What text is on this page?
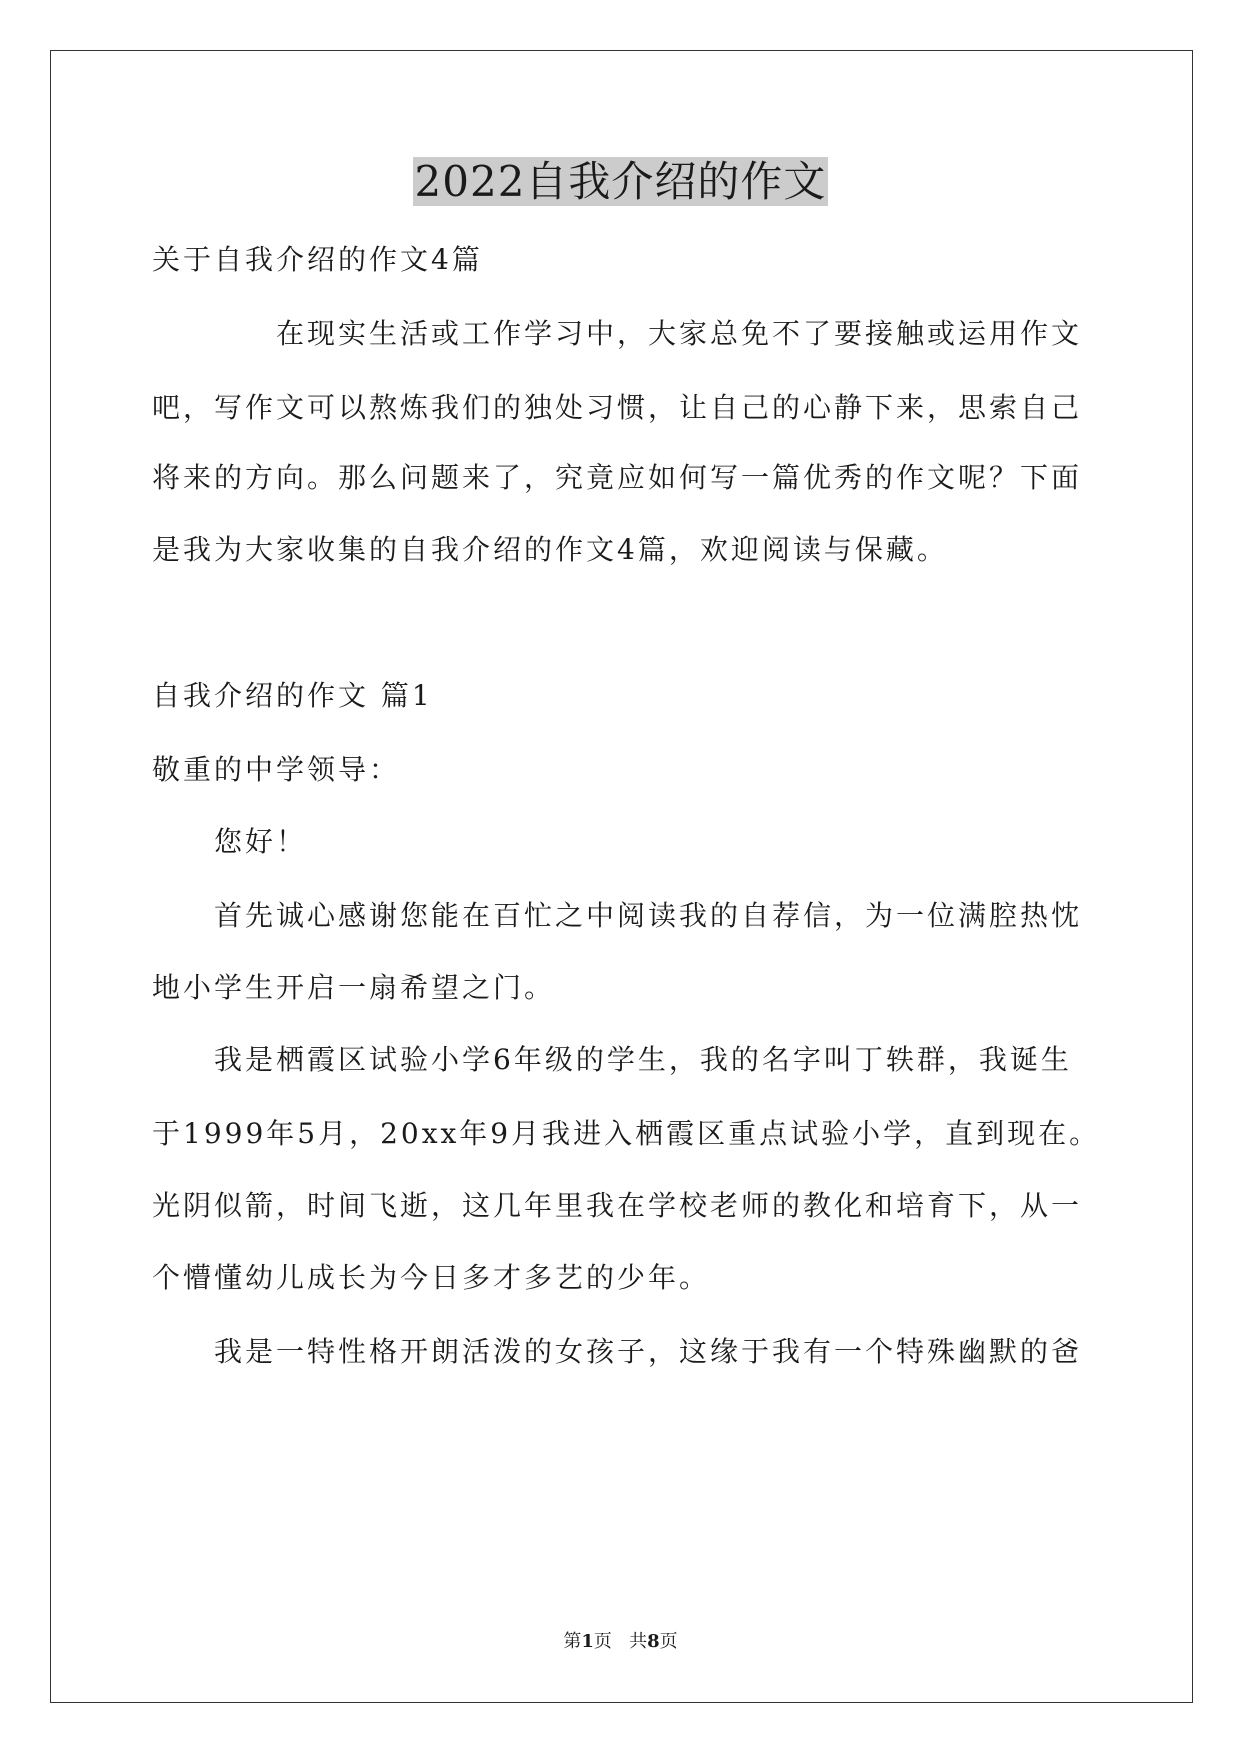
2022自我介绍的作文
关于自我介绍的作文4篇
在现实生活或工作学习中，大家总免不了要接触或运用作文
吧，写作文可以熬炼我们的独处习惯，让自己的心静下来，思索自己
将来的方向。那么问题来了，究竟应如何写一篇优秀的作文呢？下面
是我为大家收集的自我介绍的作文4篇，欢迎阅读与保藏。
自我介绍的作文 篇1
敬重的中学领导：
您好！
首先诚心感谢您能在百忙之中阅读我的自荐信，为一位满腔热忱
地小学生开启一扇希望之门。
我是栖霞区试验小学6年级的学生，我的名字叫丁轶群，我诞生
于1999年5月，20xx年9月我进入栖霞区重点试验小学，直到现在。
光阴似箭，时间飞逝，这几年里我在学校老师的教化和培育下，从一
个懵懂幼儿成长为今日多才多艺的少年。
我是一特性格开朗活泼的女孩子，这缘于我有一个特殊幽默的爸
第1页   共8页
